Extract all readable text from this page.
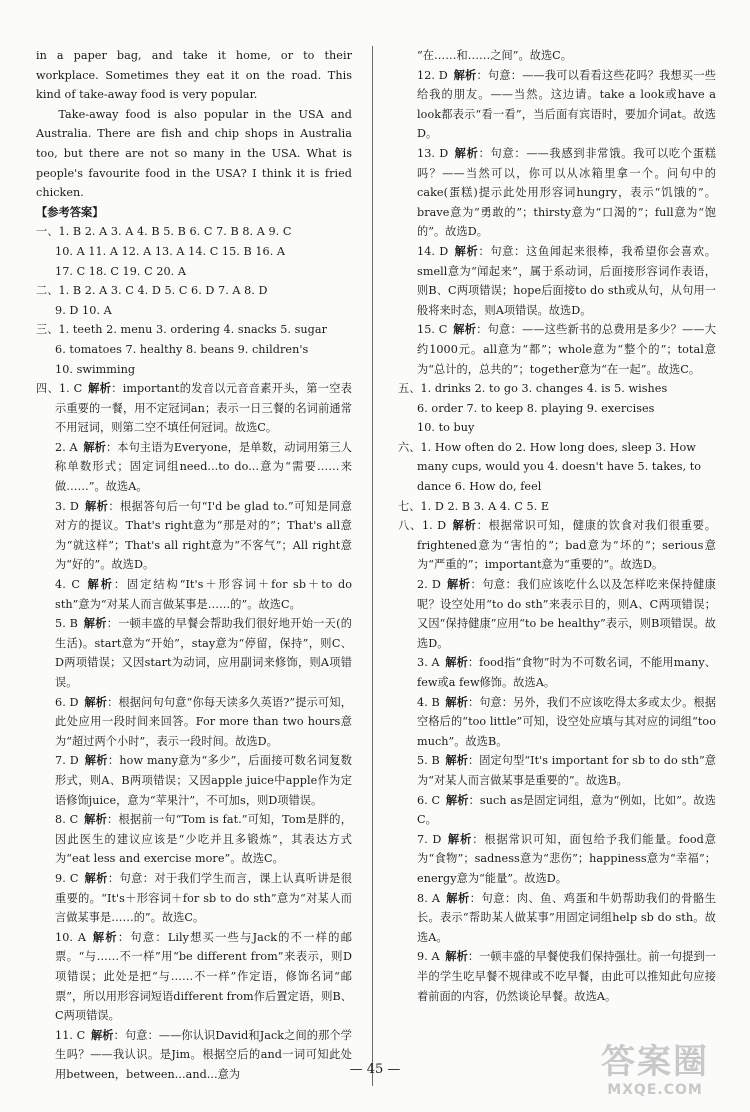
in a paper bag, and take it home, or to their workplace. Sometimes they eat it on the road. This kind of take-away food is very popular.

Take-away food is also popular in the USA and Australia. There are fish and chip shops in Australia too, but there are not so many in the USA. What is people's favourite food in the USA? I think it is fried chicken.

【参考答案】

一、1. B 2. A 3. A 4. B 5. B 6. C 7. B 8. A 9. C

10. A 11. A 12. A 13. A 14. C 15. B 16. A

17. C 18. C 19. C 20. A

二、1. B 2. A 3. C 4. D 5. C 6. D 7. A 8. D

9. D 10. A

三、1. teeth 2. menu 3. ordering 4. snacks 5. sugar

6. tomatoes 7. healthy 8. beans 9. children's

10. swimming

四、1. C  解析：important的发音以元音音素开头，第一空表示重要的一餐，用不定冠词an；表示一日三餐的名词前通常不用冠词，则第二空不填任何冠词。故选C。

2. A  解析：本句主语为Everyone，是单数，动词用第三人称单数形式；固定词组need...to do...意为“需要……来做……”。故选A。

3. D  解析：根据答句后一句“I'd be glad to.”可知是同意对方的提议。That's right意为“那是对的”；That's all意为“就这样”；That's all right意为“不客气”；All right意为“好的”。故选D。

4. C  解析：固定结构“It's＋形容词＋for sb＋to do sth”意为“对某人而言做某事是……的”。故选C。

5. B  解析：一顿丰盛的早餐会帮助我们很好地开始一天(的生活)。start意为“开始”，stay意为“停留，保持”，则C、D两项错误；又因start为动词，应用副词来修饰，则A项错误。

6. D  解析：根据问句句意“你每天读多久英语?”提示可知，此处应用一段时间来回答。For more than two hours意为“超过两个小时”，表示一段时间。故选D。

7. D  解析：how many意为“多少”，后面接可数名词复数形式，则A、B两项错误；又因apple juice中apple作为定语修饰juice，意为“苹果汁”，不可加s，则D项错误。

8. C  解析：根据前一句“Tom is fat.”可知，Tom是胖的，因此医生的建议应该是“少吃并且多锻炼”，其表达方式为“eat less and exercise more”。故选C。

9. C  解析：句意：对于我们学生而言，课上认真听讲是很重要的。“It's＋形容词＋for sb to do sth”意为“对某人而言做某事是……的”。故选C。

10. A  解析：句意：Lily想买一些与Jack的不一样的邮票。“与……不一样”用“be different from”来表示，则D项错误；此处是把“与……不一样”作定语，修饰名词“邮票”，所以用形容词短语different from作后置定语，则B、C两项错误。

11. C  解析：句意：——你认识David和Jack之间的那个学生吗？——我认识。是Jim。根据空后的and一词可知此处用between，between...and...意为

“在……和……之间”。故选C。

12. D  解析：句意：——我可以看看这些花吗？我想买一些给我的朋友。——当然。这边请。take a look或have a look都表示“看一看”，当后面有宾语时，要加介词at。故选D。

13. D  解析：句意：——我感到非常饿。我可以吃个蛋糕吗？——当然可以，你可以从冰箱里拿一个。问句中的cake(蛋糕)提示此处用形容词hungry，表示“饥饿的”。brave意为“勇敢的”；thirsty意为“口渴的”；full意为“饱的”。故选D。

14. D  解析：句意：这鱼闻起来很棒，我希望你会喜欢。smell意为“闻起来”，属于系动词，后面接形容词作表语，则B、C两项错误；hope后面接to do sth或从句，从句用一般将来时态，则A项错误。故选D。

15. C  解析：句意：——这些新书的总费用是多少？——大约1000元。all意为“都”；whole意为“整个的”；total意为“总计的，总共的”；together意为“在一起”。故选C。

五、1. drinks 2. to go 3. changes 4. is 5. wishes

6. order 7. to keep 8. playing 9. exercises

10. to buy

六、1. How often do 2. How long does, sleep 3. How

many cups, would you 4. doesn't have 5. takes, to

dance 6. How do, feel

七、1. D 2. B 3. A 4. C 5. E

八、1. D  解析：根据常识可知，健康的饮食对我们很重要。frightened意为“害怕的”；bad意为“坏的”；serious意为“严重的”；important意为“重要的”。故选D。

2. D  解析：句意：我们应该吃什么以及怎样吃来保持健康呢？设空处用“to do sth”来表示目的，则A、C两项错误；又因“保持健康”应用“to be healthy”表示，则B项错误。故选D。

3. A  解析：food指“食物”时为不可数名词，不能用many、few或a few修饰。故选A。

4. B  解析：句意：另外，我们不应该吃得太多或太少。根据空格后的“too little”可知，设空处应填与其对应的词组“too much”。故选B。

5. B  解析：固定句型“It's important for sb to do sth”意为“对某人而言做某事是重要的”。故选B。

6. C  解析：such as是固定词组，意为“例如，比如”。故选C。

7. D  解析：根据常识可知，面包给予我们能量。food意为“食物”；sadness意为“悲伤”；happiness意为“幸福”；energy意为“能量”。故选D。

8. A  解析：句意：肉、鱼、鸡蛋和牛奶帮助我们的骨骼生长。表示“帮助某人做某事”用固定词组help sb do sth。故选A。

9. A  解析：一顿丰盛的早餐使我们保持强壮。前一句提到一半的学生吃早餐不规律或不吃早餐，由此可以推知此句应接着前面的内容，仍然谈论早餐。故选A。

— 45 —	答案圈
MXQE.COM
